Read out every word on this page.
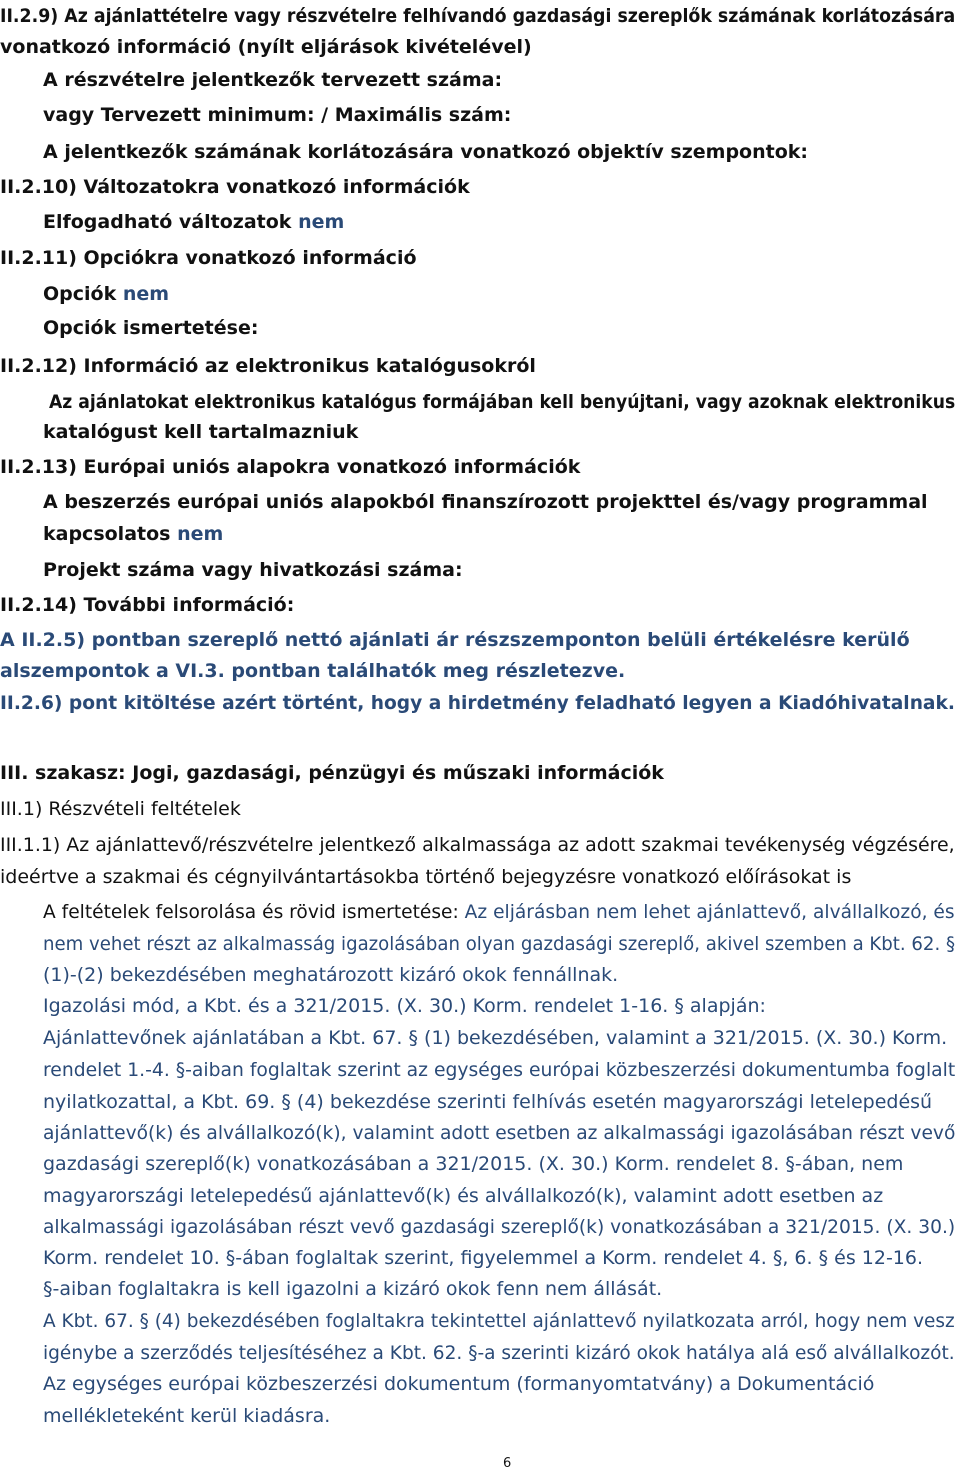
II.2.9) Az ajánlattételre vagy részvételre felhívandó gazdasági szereplők számának korlátozására
vonatkozó információ (nyílt eljárások kivételével)
A részvételre jelentkezők tervezett száma:
vagy Tervezett minimum: / Maximális szám:
A jelentkezők számának korlátozására vonatkozó objektív szempontok:
II.2.10) Változatokra vonatkozó információk
Elfogadható változatok nem
II.2.11) Opciókra vonatkozó információ
Opciók nem
Opciók ismertetése:
II.2.12) Információ az elektronikus katalógusokról
Az ajánlatokat elektronikus katalógus formájában kell benyújtani, vagy azoknak elektronikus
katalógust kell tartalmazniuk
II.2.13) Európai uniós alapokra vonatkozó információk
A beszerzés európai uniós alapokból finanszírozott projekttel és/vagy programmal
kapcsolatos nem
Projekt száma vagy hivatkozási száma:
II.2.14) További információ:
A II.2.5) pontban szereplő nettó ajánlati ár részszemponton belüli értékelésre kerülő
alszempontok a VI.3. pontban találhatók meg részletezve.
II.2.6) pont kitöltése azért történt, hogy a hirdetmény feladható legyen a Kiadóhivatalnak.
III. szakasz: Jogi, gazdasági, pénzügyi és műszaki információk
III.1) Részvételi feltételek
III.1.1) Az ajánlattevő/részvételre jelentkező alkalmassága az adott szakmai tevékenység végzésére,
ideértve a szakmai és cégnyilvántartásokba történő bejegyzésre vonatkozó előírásokat is
A feltételek felsorolása és rövid ismertetése: Az eljárásban nem lehet ajánlattevő, alvállalkozó, és
nem vehet részt az alkalmasság igazolásában olyan gazdasági szereplő, akivel szemben a Kbt. 62. §
(1)-(2) bekezdésében meghatározott kizáró okok fennállnak.
Igazolási mód, a Kbt. és a 321/2015. (X. 30.) Korm. rendelet 1-16. § alapján:
Ajánlattevőnek ajánlatában a Kbt. 67. § (1) bekezdésében, valamint a 321/2015. (X. 30.) Korm.
rendelet 1.-4. §-aiban foglaltak szerint az egységes európai közbeszerzési dokumentumba foglalt
nyilatkozattal, a Kbt. 69. § (4) bekezdése szerinti felhívás esetén magyarországi letelepedésű
ajánlattevő(k) és alvállalkozó(k), valamint adott esetben az alkalmassági igazolásában részt vevő
gazdasági szereplő(k) vonatkozásában a 321/2015. (X. 30.) Korm. rendelet 8. §-ában, nem
magyarországi letelepedésű ajánlattevő(k) és alvállalkozó(k), valamint adott esetben az
alkalmassági igazolásában részt vevő gazdasági szereplő(k) vonatkozásában a 321/2015. (X. 30.)
Korm. rendelet 10. §-ában foglaltak szerint, figyelemmel a Korm. rendelet 4. §, 6. § és 12-16.
§-aiban foglaltakra is kell igazolni a kizáró okok fenn nem állását.
A Kbt. 67. § (4) bekezdésében foglaltakra tekintettel ajánlattevő nyilatkozata arról, hogy nem vesz
igénybe a szerződés teljesítéséhez a Kbt. 62. §-a szerinti kizáró okok hatálya alá eső alvállalkozót.
Az egységes európai közbeszerzési dokumentum (formanyomtatvány) a Dokumentáció
mellékleteként kerül kiadásra.
6
